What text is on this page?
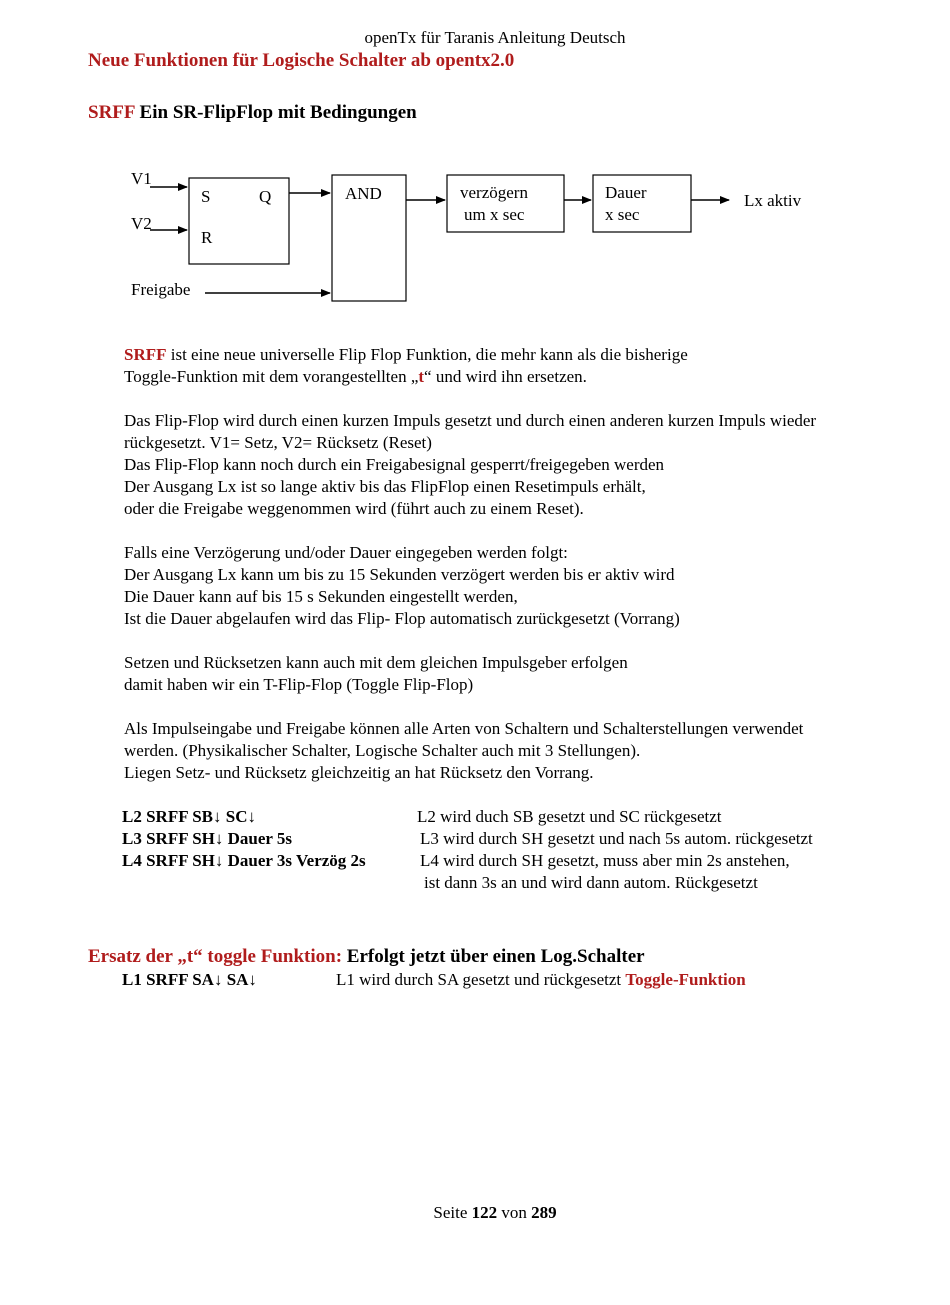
openTx für Taranis Anleitung Deutsch
Neue Funktionen für Logische Schalter ab opentx2.0
SRFF Ein SR-FlipFlop mit Bedingungen
V1
V2
Freigabe
S	Q
R
AND	verzögern
um x sec
Dauer
x sec
Lx aktiv
SRFF ist eine neue universelle Flip Flop Funktion, die mehr kann als die bisherige
Toggle-Funktion mit dem vorangestellten „t“ und wird ihn ersetzen.
Das Flip-Flop wird durch einen kurzen Impuls gesetzt und durch einen anderen kurzen Impuls wieder
rückgesetzt. V1= Setz, V2= Rücksetz (Reset)
Das Flip-Flop kann noch durch ein Freigabesignal gesperrt/freigegeben werden
Der Ausgang Lx ist so lange aktiv bis das FlipFlop einen Resetimpuls erhält,
oder die Freigabe weggenommen wird (führt auch zu einem Reset).
Falls eine Verzögerung und/oder Dauer eingegeben werden folgt:
Der Ausgang Lx kann um bis zu 15 Sekunden verzögert werden bis er aktiv wird
Die Dauer kann auf bis 15 s Sekunden eingestellt werden,
Ist die Dauer abgelaufen wird das Flip- Flop automatisch zurückgesetzt (Vorrang)
Setzen und Rücksetzen kann auch mit dem gleichen Impulsgeber erfolgen
damit haben wir ein T-Flip-Flop (Toggle Flip-Flop)
Als Impulseingabe und Freigabe können alle Arten von Schaltern und Schalterstellungen verwendet
werden. (Physikalischer Schalter, Logische Schalter auch mit 3 Stellungen).
Liegen Setz- und Rücksetz gleichzeitig an hat Rücksetz den Vorrang.
L2 SRFF SB↓ SC↓	L2 wird duch SB gesetzt und SC rückgesetzt
L3 SRFF SH↓ Dauer 5s	L3 wird durch SH gesetzt und nach 5s autom. rückgesetzt
L4 SRFF SH↓ Dauer 3s Verzög 2s	L4 wird durch SH gesetzt, muss aber min 2s anstehen,
ist dann 3s an und wird dann autom. Rückgesetzt
Ersatz der „t“ toggle Funktion: Erfolgt jetzt über einen Log.Schalter
L1 SRFF SA↓ SA↓	L1 wird durch SA gesetzt und rückgesetzt Toggle-Funktion
Seite 122 von 289
